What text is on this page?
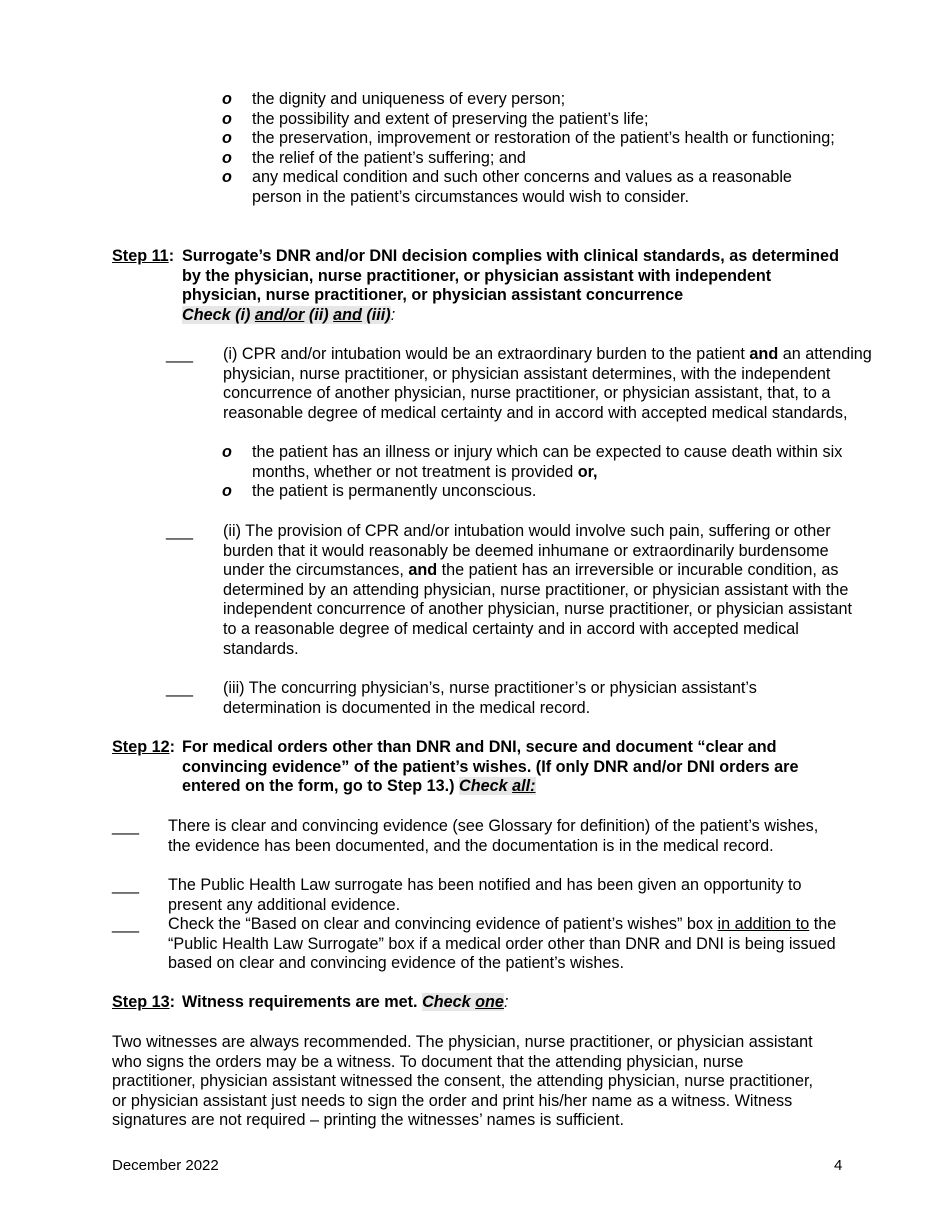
o the dignity and uniqueness of every person;
o the possibility and extent of preserving the patient’s life;
o the preservation, improvement or restoration of the patient’s health or functioning;
o the relief of the patient’s suffering; and
o any medical condition and such other concerns and values as a reasonable person in the patient’s circumstances would wish to consider.
Step 11: Surrogate’s DNR and/or DNI decision complies with clinical standards, as determined by the physician, nurse practitioner, or physician assistant with independent physician, nurse practitioner, or physician assistant concurrence
Check (i) and/or (ii) and (iii):
___ (i) CPR and/or intubation would be an extraordinary burden to the patient and an attending physician, nurse practitioner, or physician assistant determines, with the independent concurrence of another physician, nurse practitioner, or physician assistant, that, to a reasonable degree of medical certainty and in accord with accepted medical standards,
o the patient has an illness or injury which can be expected to cause death within six months, whether or not treatment is provided or,
o the patient is permanently unconscious.
___ (ii) The provision of CPR and/or intubation would involve such pain, suffering or other burden that it would reasonably be deemed inhumane or extraordinarily burdensome under the circumstances, and the patient has an irreversible or incurable condition, as determined by an attending physician, nurse practitioner, or physician assistant with the independent concurrence of another physician, nurse practitioner, or physician assistant to a reasonable degree of medical certainty and in accord with accepted medical standards.
___ (iii) The concurring physician’s, nurse practitioner’s or physician assistant’s determination is documented in the medical record.
Step 12: For medical orders other than DNR and DNI, secure and document “clear and convincing evidence” of the patient’s wishes. (If only DNR and/or DNI orders are entered on the form, go to Step 13.) Check all:
___ There is clear and convincing evidence (see Glossary for definition) of the patient’s wishes, the evidence has been documented, and the documentation is in the medical record.
___ The Public Health Law surrogate has been notified and has been given an opportunity to present any additional evidence.
___ Check the “Based on clear and convincing evidence of patient’s wishes” box in addition to the “Public Health Law Surrogate” box if a medical order other than DNR and DNI is being issued based on clear and convincing evidence of the patient’s wishes.
Step 13: Witness requirements are met. Check one:
Two witnesses are always recommended. The physician, nurse practitioner, or physician assistant who signs the orders may be a witness. To document that the attending physician, nurse practitioner, physician assistant witnessed the consent, the attending physician, nurse practitioner, or physician assistant just needs to sign the order and print his/her name as a witness. Witness signatures are not required – printing the witnesses’ names is sufficient.
December 2022	4
